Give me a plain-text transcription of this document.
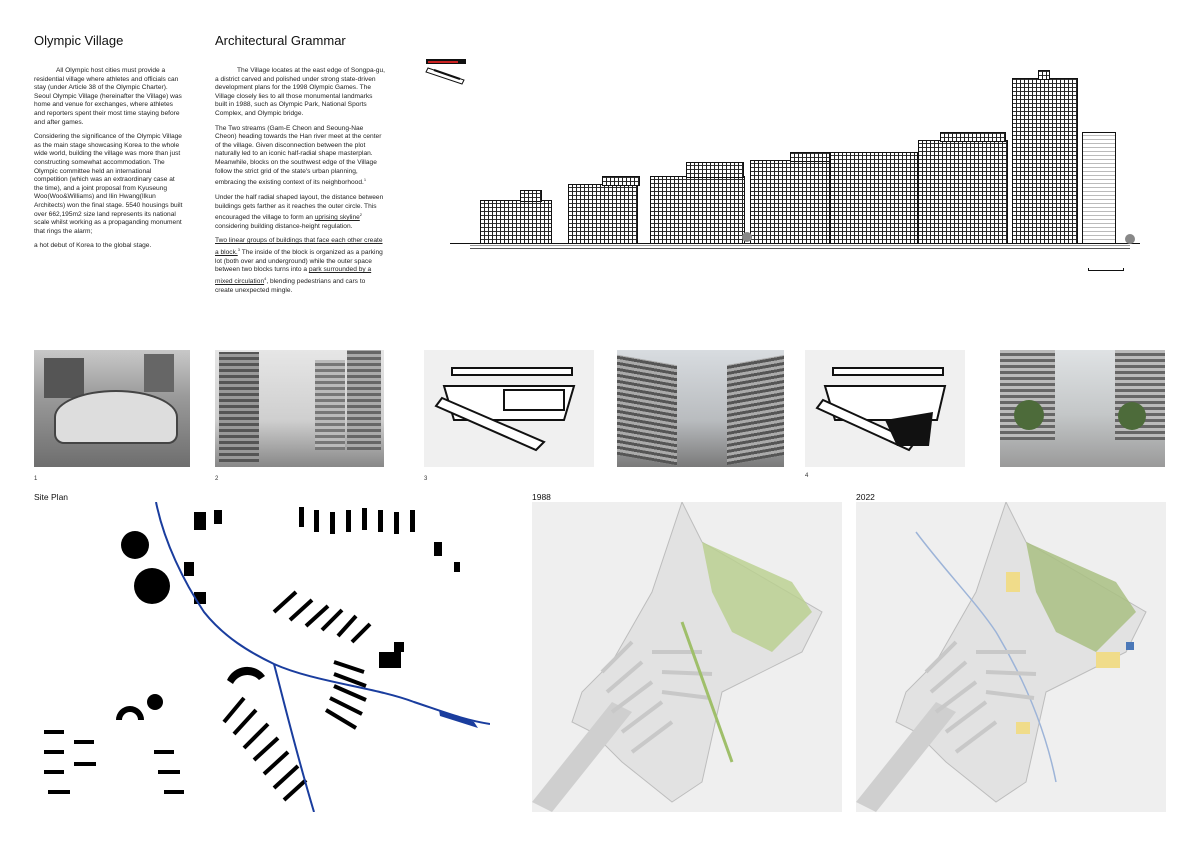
Olympic Village

All Olympic host cities must provide a residential village where athletes and officials can stay (under Article 38 of the Olympic Charter). Seoul Olympic Village (hereinafter the Village) was home and venue for exchanges, where athletes and reporters spent their most time staying before and after games.

Considering the significance of the Olympic Village as the main stage showcasing Korea to the whole wide world, building the village was more than just constructing somewhat accommodation. The Olympic committee held an international competition (which was an extraordinary case at the time), and a joint proposal from Kyuseung Woo(Woo&Williams) and Ilin Hwang(Ilkun Architects) won the final stage. 5540 housings built over 662,195m2 size land represents its national scale whilst working as a propaganding monument that rings the alarm;

a hot debut of Korea to the global stage.

Architectural Grammar

The Village locates at the east edge of Songpa-gu, a district carved and polished under strong state-driven development plans for the 1998 Olympic Games. The Village closely lies to all those monumental landmarks built in 1988, such as Olympic Park, National Sports Complex, and Olympic bridge.

The Two streams (Gam-E Cheon and Seoung-Nae Cheon) heading towards the Han river meet at the center of the village. Given disconnection between the plot naturally led to an iconic half-radial shape masterplan. Meanwhile, blocks on the southwest edge of the Village follow the strict grid of the state's urban planning, embracing the existing context of its neighborhood.$^1$

Under the half radial shaped layout, the distance between buildings gets farther as it reaches the outer circle. This encouraged the village to form an uprising skyline$^2$ considering building distance-height regulation.

Two linear groups of buildings that face each other create a block.$^3$ The inside of the block is organized as a parking lot (both over and underground) while the outer space between two blocks turns into a park surrounded by a mixed circulation$^4$, blending pedestrians and cars to create unexpected mingle.

1	2	3	4
Site Plan	1988	2022
